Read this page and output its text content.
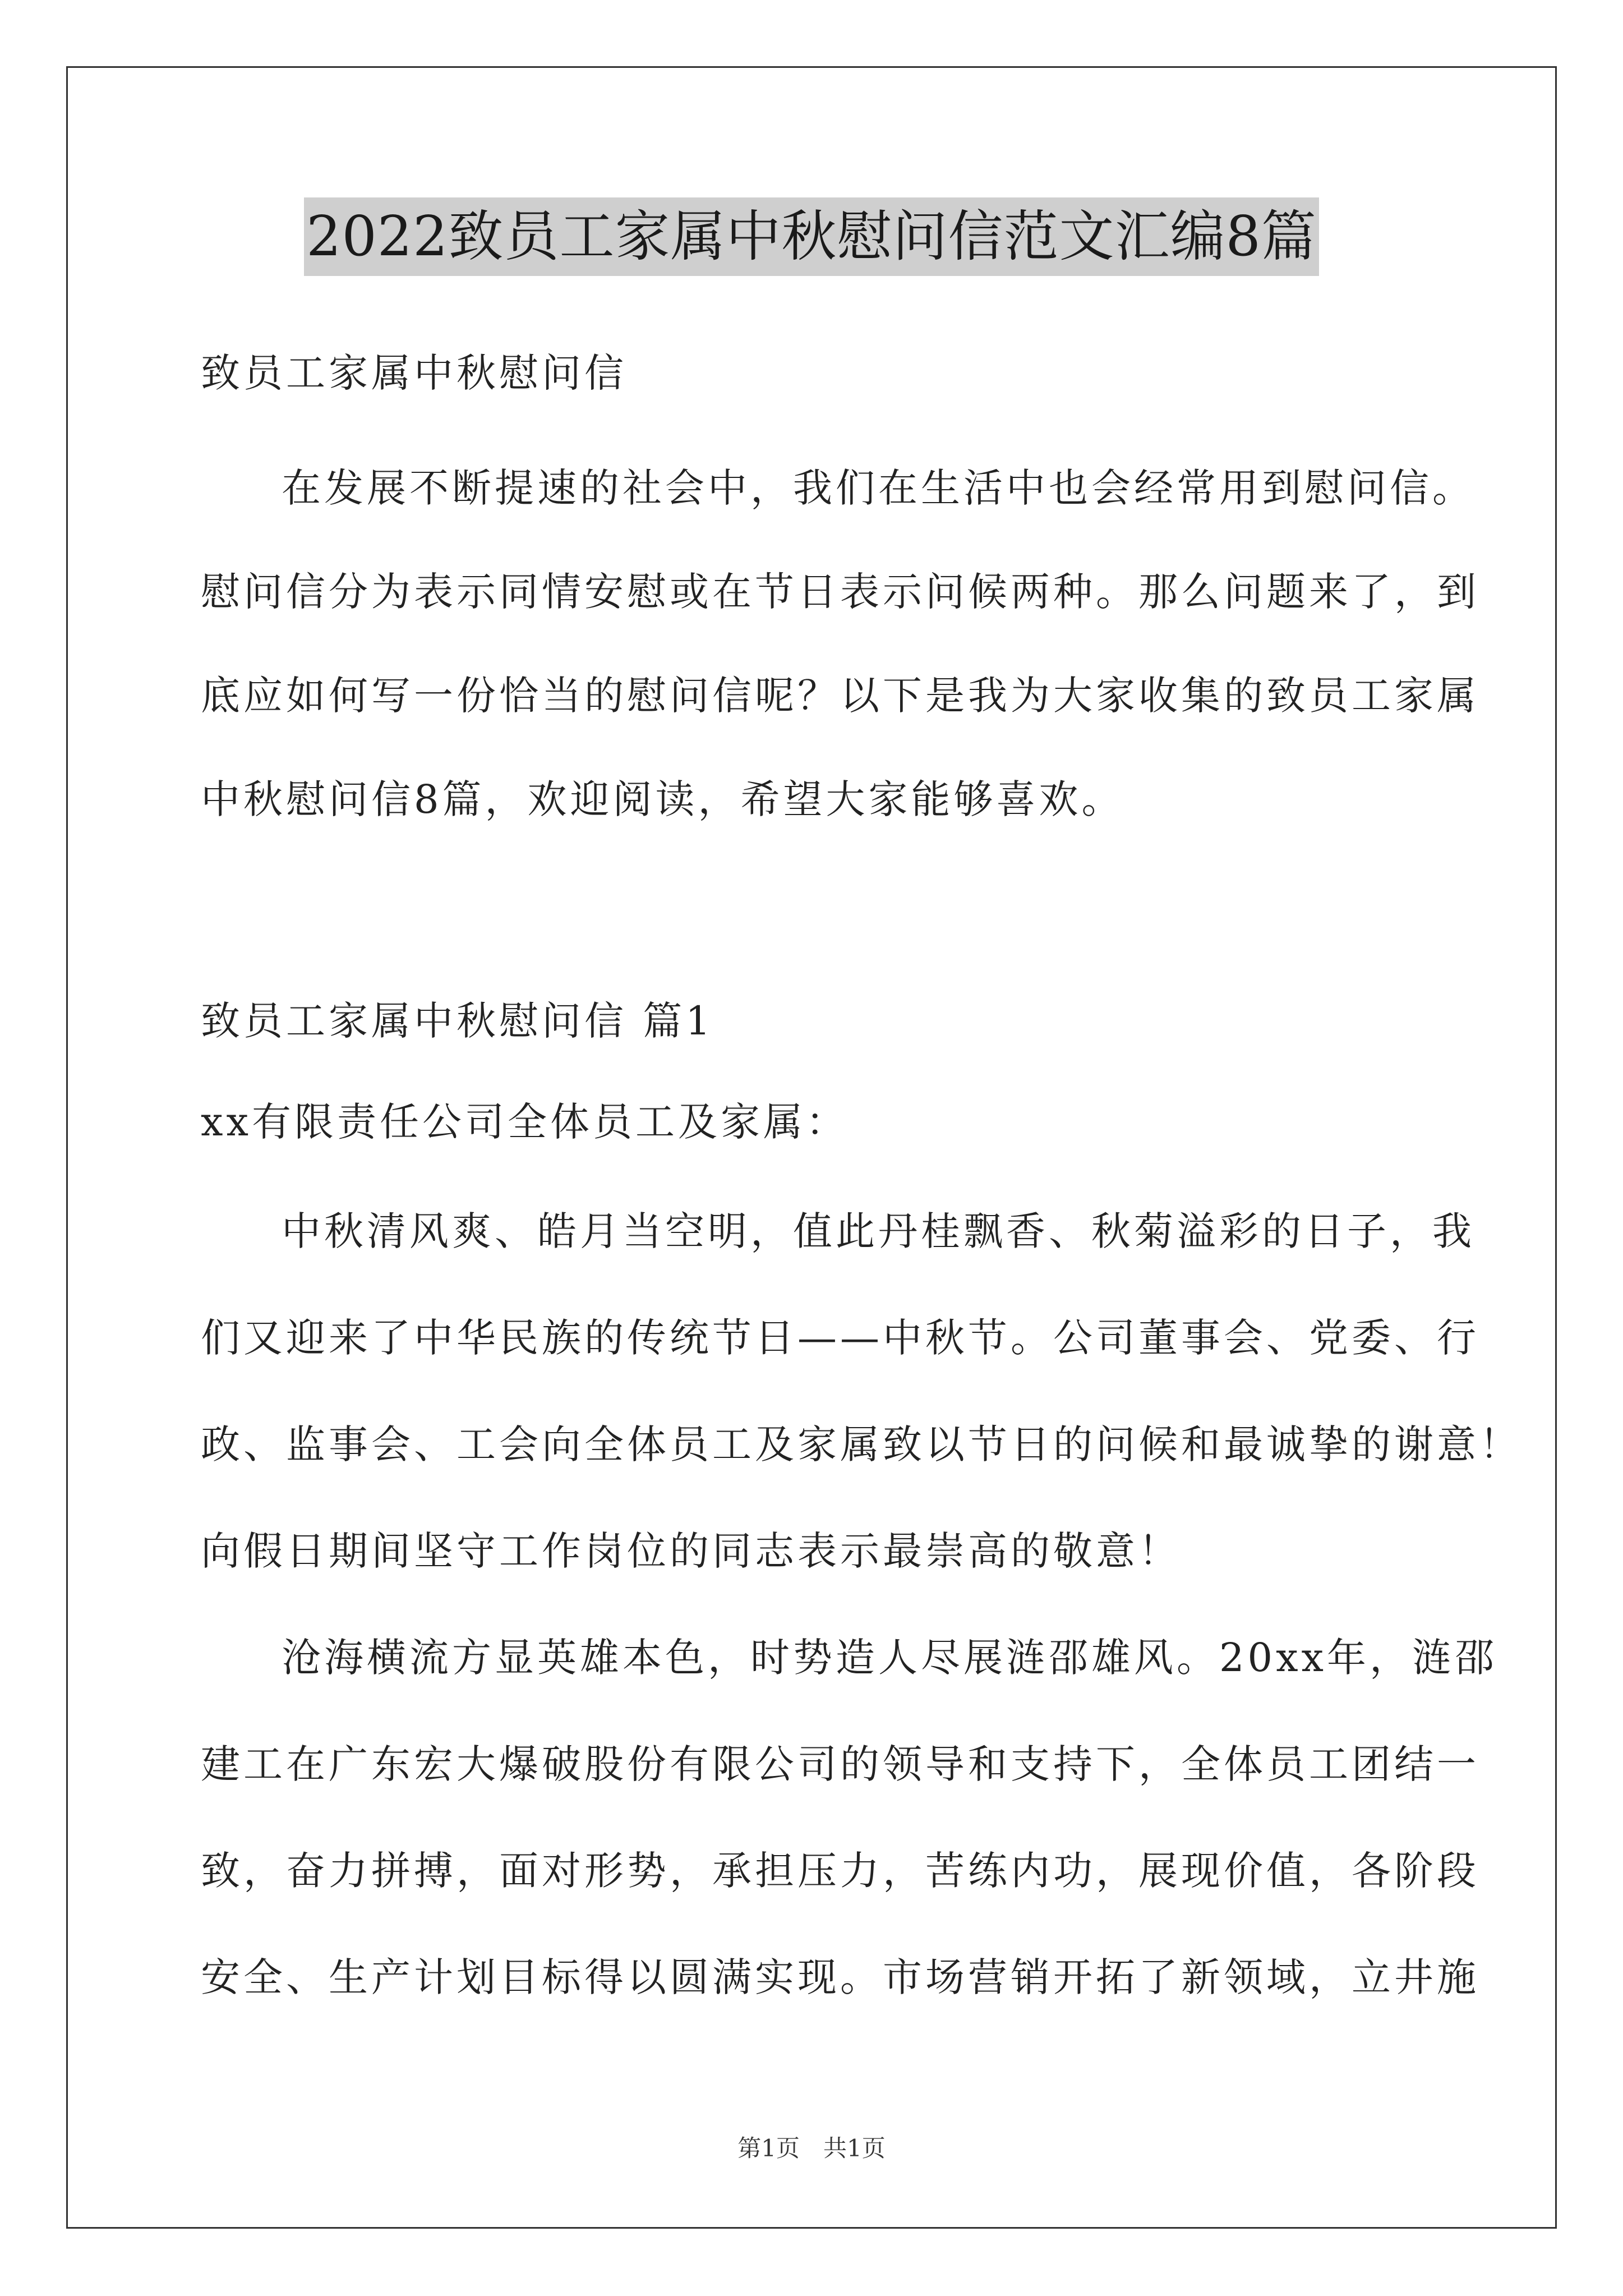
2022致员工家属中秋慰问信范文汇编8篇
致员工家属中秋慰问信
在发展不断提速的社会中，我们在生活中也会经常用到慰问信。
慰问信分为表示同情安慰或在节日表示问候两种。那么问题来了，到
底应如何写一份恰当的慰问信呢？以下是我为大家收集的致员工家属
中秋慰问信8篇，欢迎阅读，希望大家能够喜欢。
致员工家属中秋慰问信 篇1
xx有限责任公司全体员工及家属：
中秋清风爽、皓月当空明，值此丹桂飘香、秋菊溢彩的日子，我
们又迎来了中华民族的传统节日——中秋节。公司董事会、党委、行
政、监事会、工会向全体员工及家属致以节日的问候和最诚挚的谢意！
向假日期间坚守工作岗位的同志表示最崇高的敬意！
沧海横流方显英雄本色，时势造人尽展涟邵雄风。20xx年，涟邵
建工在广东宏大爆破股份有限公司的领导和支持下，全体员工团结一
致，奋力拼搏，面对形势，承担压力，苦练内功，展现价值，各阶段
安全、生产计划目标得以圆满实现。市场营销开拓了新领域，立井施
第1页　共1页
